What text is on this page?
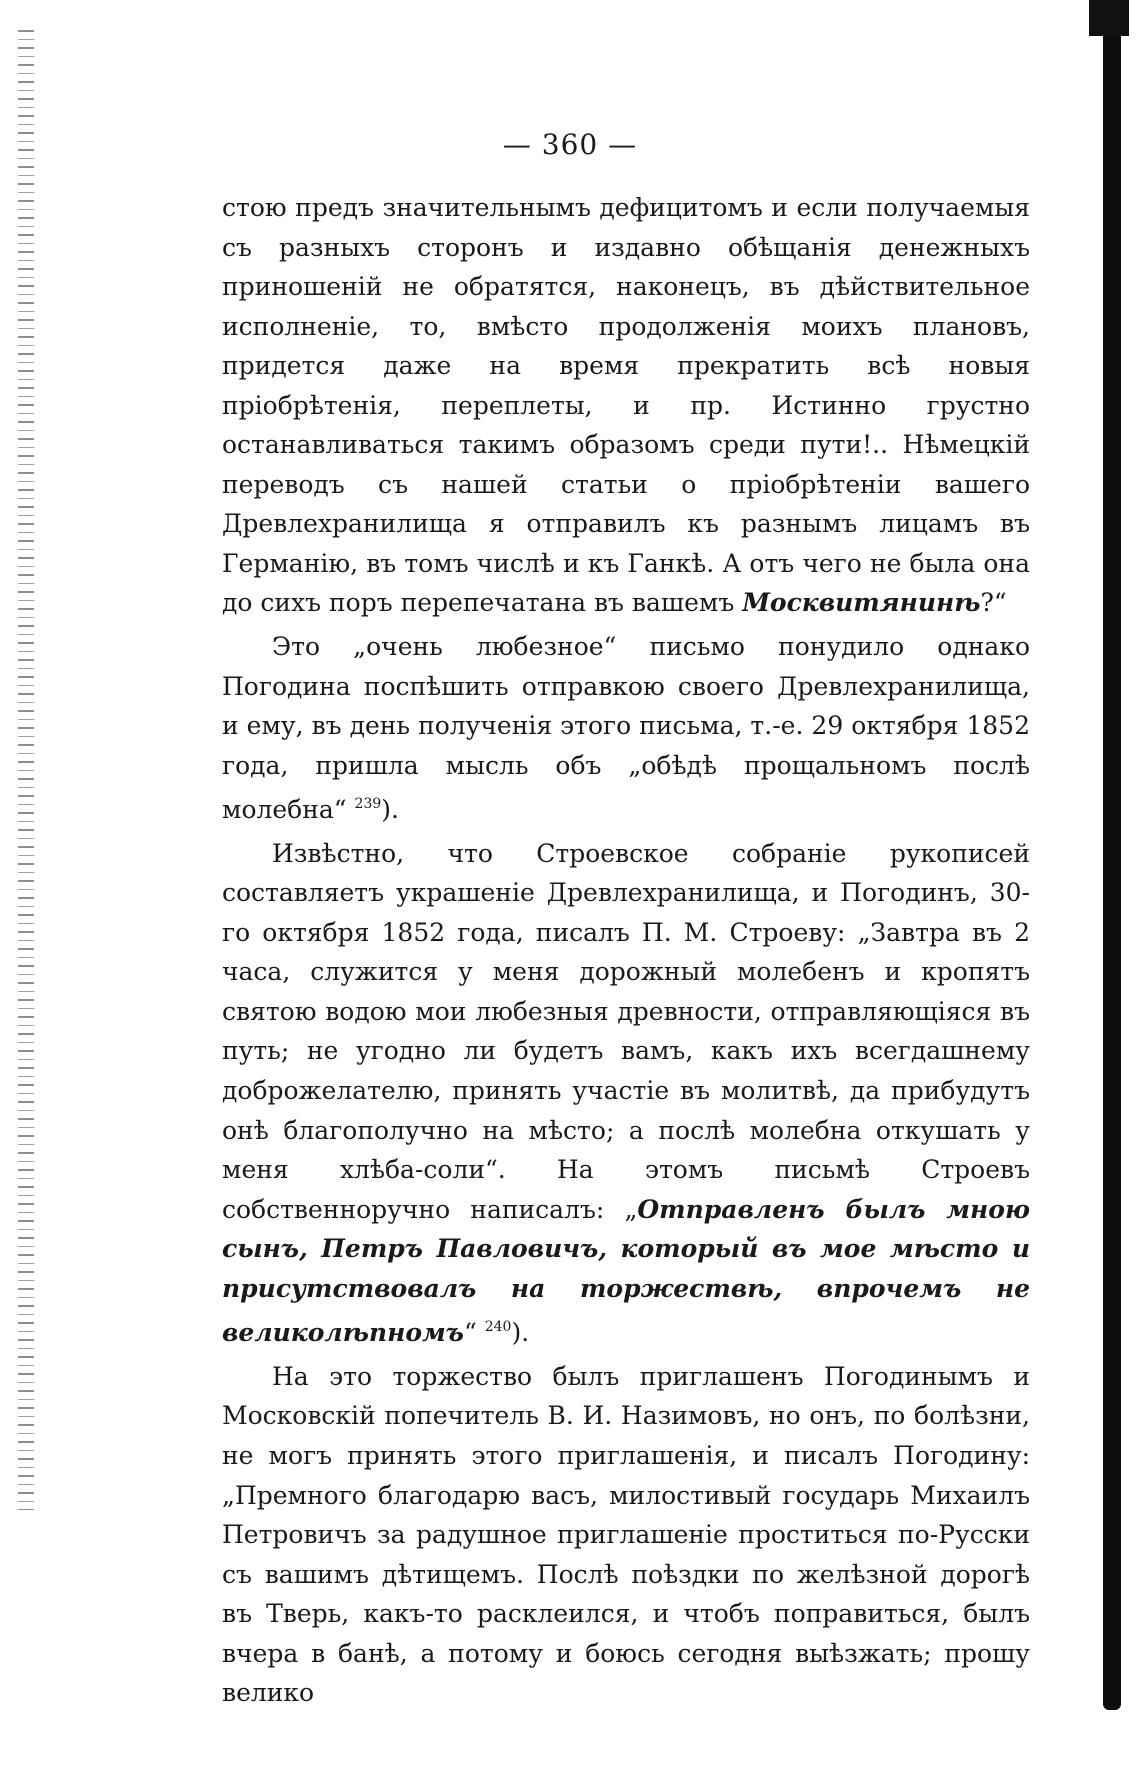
— 360 —

стою предъ значительнымъ дефицитомъ и если получаемыя съ разныхъ сторонъ и издавно обѣщанія денежныхъ приношеній не обратятся, наконецъ, въ дѣйствительное исполненіе, то, вмѣсто продолженія моихъ плановъ, придется даже на время прекратить всѣ новыя пріобрѣтенія, переплеты, и пр. Истинно грустно останавливаться такимъ образомъ среди пути!.. Нѣмецкій переводъ съ нашей статьи о пріобрѣтеніи вашего Древлехранилища я отправилъ къ разнымъ лицамъ въ Германію, въ томъ числѣ и къ Ганкѣ. А отъ чего не была она до сихъ поръ перепечатана въ вашемъ Москвитянинѣ?“

Это „очень любезное“ письмо понудило однако Погодина поспѣшить отправкою своего Древлехранилища, и ему, въ день полученія этого письма, т.-е. 29 октября 1852 года, пришла мысль объ „обѣдѣ прощальномъ послѣ молебна“ $^{239}$).

Извѣстно, что Строевское собраніе рукописей составляетъ украшеніе Древлехранилища, и Погодинъ, 30-го октября 1852 года, писалъ П. М. Строеву: „Завтра въ 2 часа, служится у меня дорожный молебенъ и кропятъ святою водою мои любезныя древности, отправляющіяся въ путь; не угодно ли будетъ вамъ, какъ ихъ всегдашнему доброжелателю, принять участіе въ молитвѣ, да прибудутъ онѣ благополучно на мѣсто; а послѣ молебна откушать у меня хлѣба-соли“. На этомъ письмѣ Строевъ собственноручно написалъ: „Отправленъ былъ мною сынъ, Петръ Павловичъ, который въ мое мѣсто и присутствовалъ на торжествѣ, впрочемъ не великолѣпномъ“ $^{240}$).

На это торжество былъ приглашенъ Погодинымъ и Московскій попечитель В. И. Назимовъ, но онъ, по болѣзни, не могъ принять этого приглашенія, и писалъ Погодину: „Премного благодарю васъ, милостивый государь Михаилъ Петровичъ за радушное приглашеніе проститься по-Русски съ вашимъ дѣтищемъ. Послѣ поѣздки по желѣзной дорогѣ въ Тверь, какъ-то расклеился, и чтобъ поправиться, былъ вчера в банѣ, а потому и боюсь сегодня выѣзжать; прошу велико
